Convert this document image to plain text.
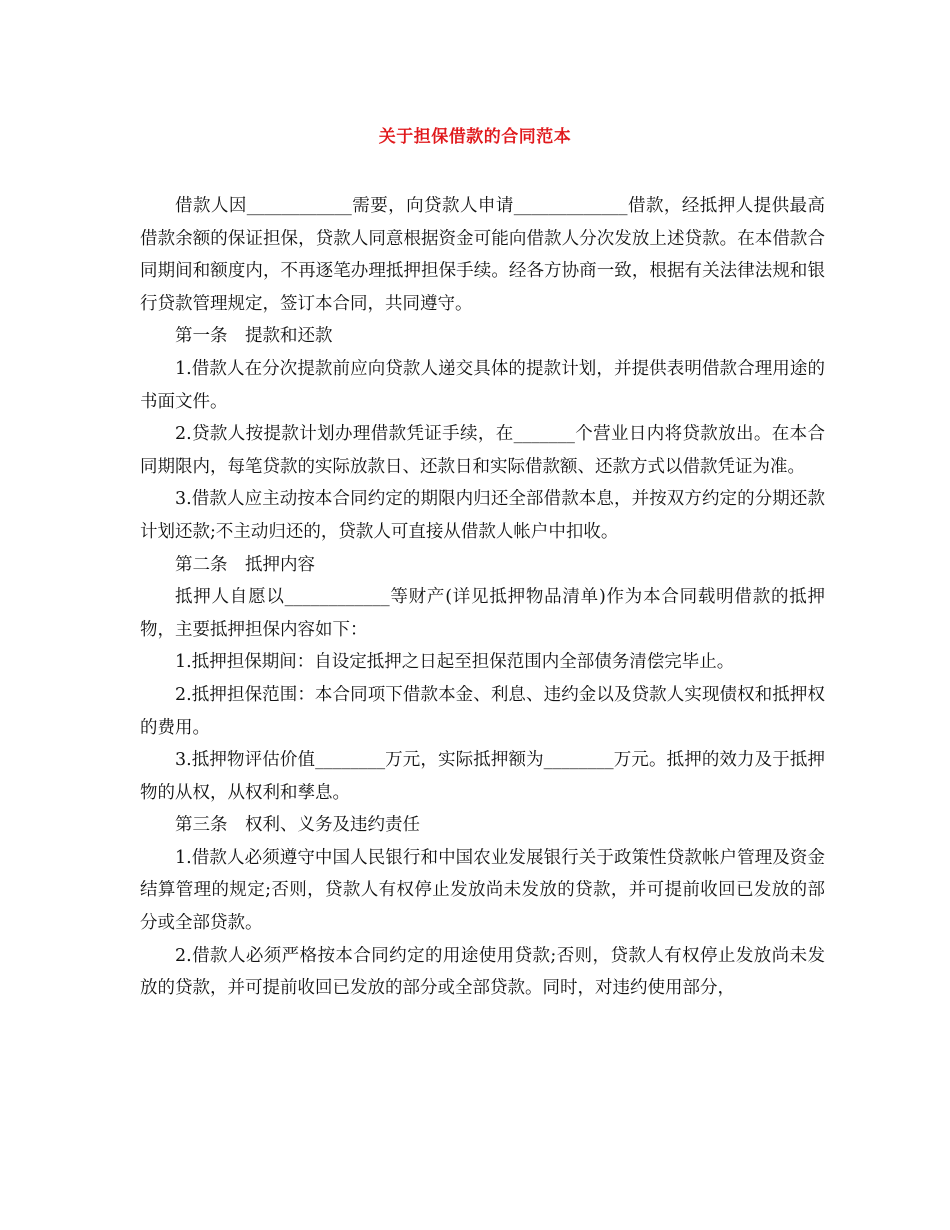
关于担保借款的合同范本

借款人因____________需要，向贷款人申请_____________借款，经抵押人提供最高借款余额的保证担保，贷款人同意根据资金可能向借款人分次发放上述贷款。在本借款合同期间和额度内，不再逐笔办理抵押担保手续。经各方协商一致，根据有关法律法规和银行贷款管理规定，签订本合同，共同遵守。

第一条　提款和还款

1.借款人在分次提款前应向贷款人递交具体的提款计划，并提供表明借款合理用途的书面文件。

2.贷款人按提款计划办理借款凭证手续，在_______个营业日内将贷款放出。在本合同期限内，每笔贷款的实际放款日、还款日和实际借款额、还款方式以借款凭证为准。

3.借款人应主动按本合同约定的期限内归还全部借款本息，并按双方约定的分期还款计划还款;不主动归还的，贷款人可直接从借款人帐户中扣收。

第二条　抵押内容

抵押人自愿以____________等财产(详见抵押物品清单)作为本合同载明借款的抵押物，主要抵押担保内容如下：

1.抵押担保期间：自设定抵押之日起至担保范围内全部债务清偿完毕止。

2.抵押担保范围：本合同项下借款本金、利息、违约金以及贷款人实现债权和抵押权的费用。

3.抵押物评估价值________万元，实际抵押额为________万元。抵押的效力及于抵押物的从权，从权利和孳息。

第三条　权利、义务及违约责任

1.借款人必须遵守中国人民银行和中国农业发展银行关于政策性贷款帐户管理及资金结算管理的规定;否则，贷款人有权停止发放尚未发放的贷款，并可提前收回已发放的部分或全部贷款。

2.借款人必须严格按本合同约定的用途使用贷款;否则，贷款人有权停止发放尚未发放的贷款，并可提前收回已发放的部分或全部贷款。同时，对违约使用部分，
